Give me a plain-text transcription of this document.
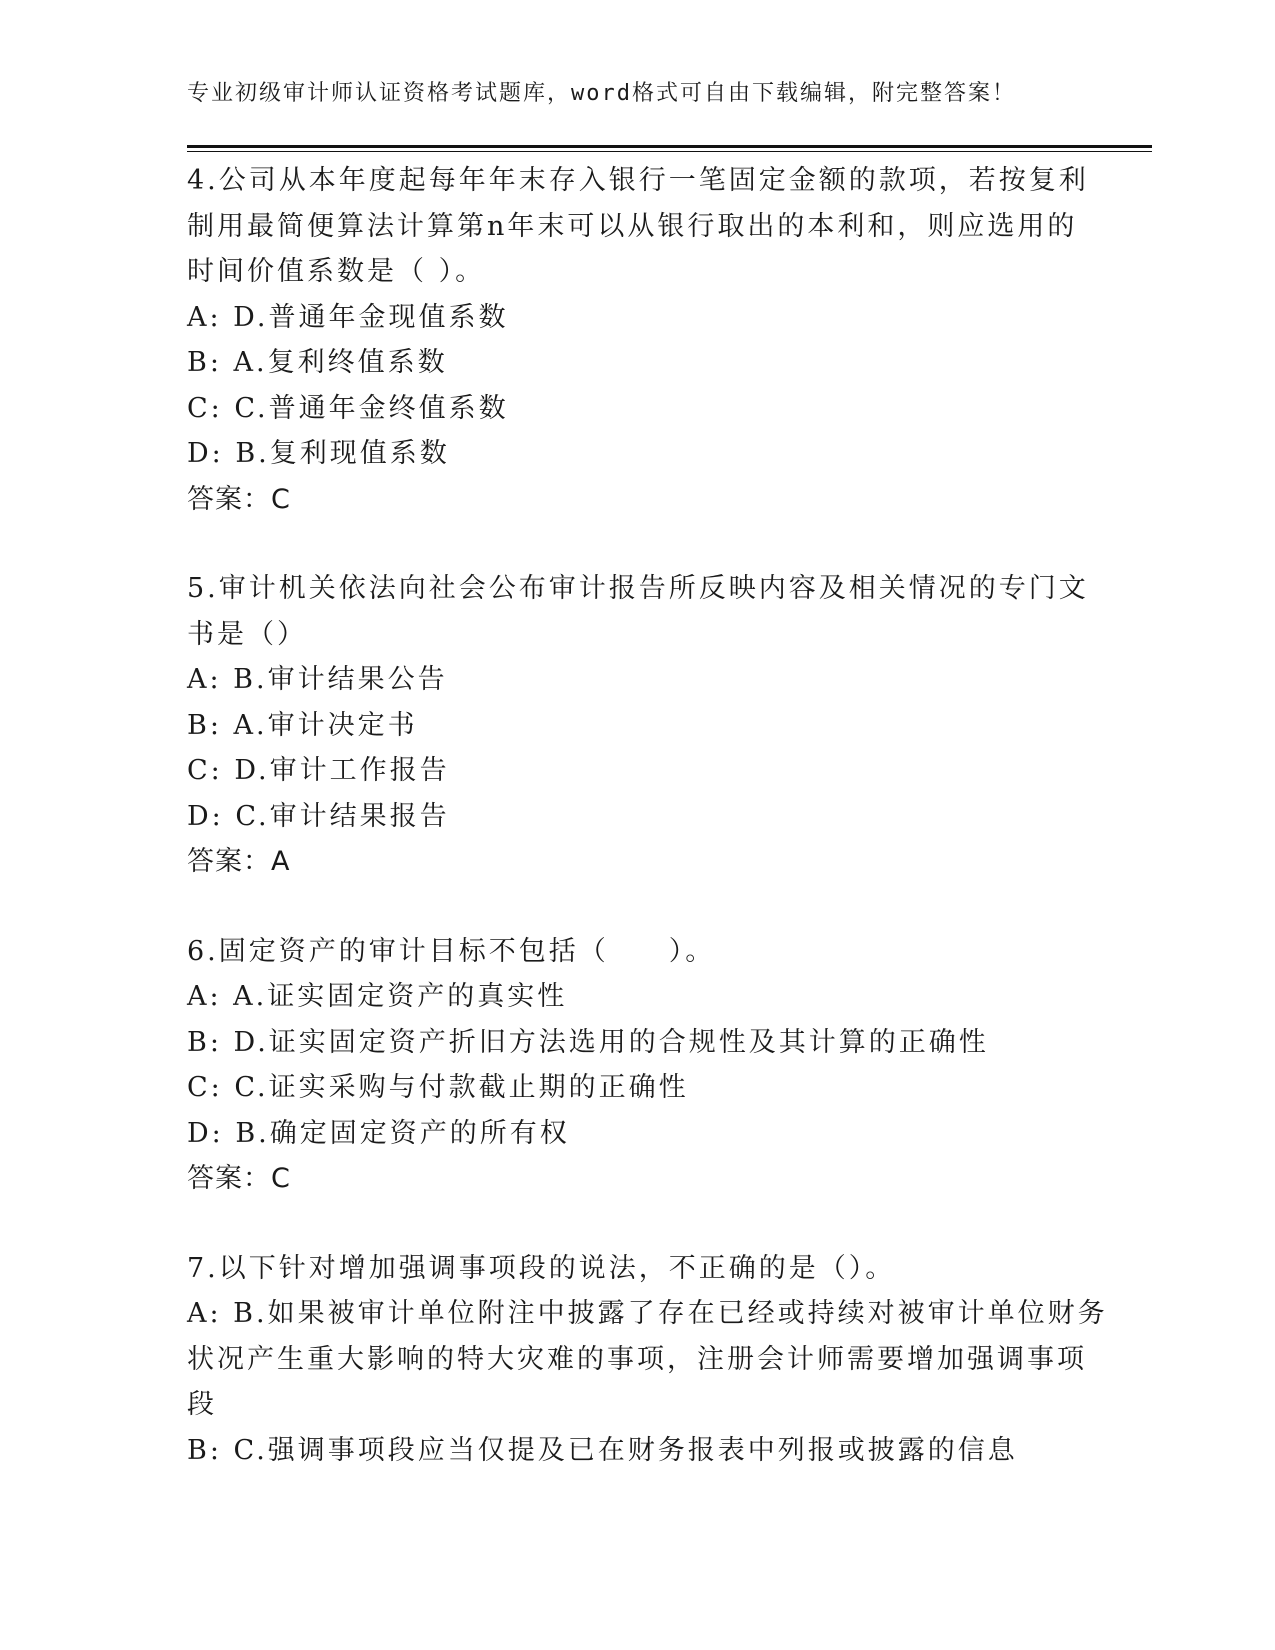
专业初级审计师认证资格考试题库，word格式可自由下载编辑，附完整答案！
4.公司从本年度起每年年末存入银行一笔固定金额的款项，若按复利
制用最简便算法计算第n年末可以从银行取出的本利和，则应选用的
时间价值系数是（ ）。
A: D.普通年金现值系数
B: A.复利终值系数
C: C.普通年金终值系数
D: B.复利现值系数
答案：C
5.审计机关依法向社会公布审计报告所反映内容及相关情况的专门文
书是（）
A: B.审计结果公告
B: A.审计决定书
C: D.审计工作报告
D: C.审计结果报告
答案：A
6.固定资产的审计目标不包括（　　）。
A: A.证实固定资产的真实性
B: D.证实固定资产折旧方法选用的合规性及其计算的正确性
C: C.证实采购与付款截止期的正确性
D: B.确定固定资产的所有权
答案：C
7.以下针对增加强调事项段的说法，不正确的是（）。
A: B.如果被审计单位附注中披露了存在已经或持续对被审计单位财务
状况产生重大影响的特大灾难的事项，注册会计师需要增加强调事项
段
B: C.强调事项段应当仅提及已在财务报表中列报或披露的信息
